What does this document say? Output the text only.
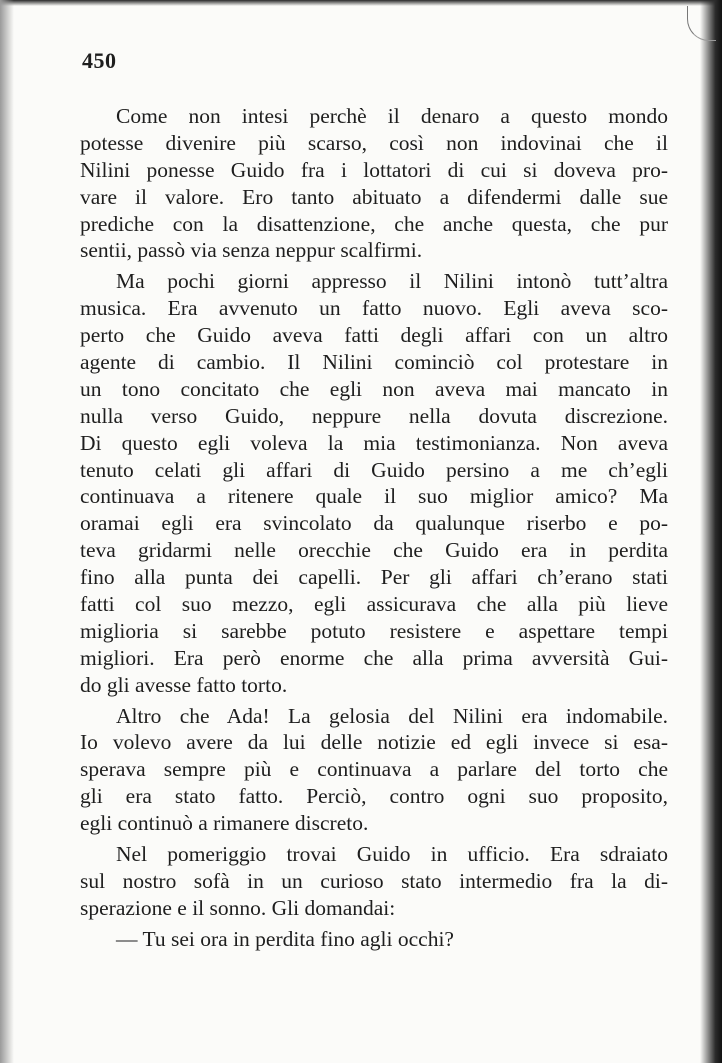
450
Come non intesi perchè il denaro a questo mondo
potesse divenire più scarso, così non indovinai che il
Nilini ponesse Guido fra i lottatori di cui si doveva pro-
vare il valore. Ero tanto abituato a difendermi dalle sue
prediche con la disattenzione, che anche questa, che pur
sentii, passò via senza neppur scalfirmi.
Ma pochi giorni appresso il Nilini intonò tutt’altra
musica. Era avvenuto un fatto nuovo. Egli aveva sco-
perto che Guido aveva fatti degli affari con un altro
agente di cambio. Il Nilini cominciò col protestare in
un tono concitato che egli non aveva mai mancato in
nulla verso Guido, neppure nella dovuta discrezione.
Di questo egli voleva la mia testimonianza. Non aveva
tenuto celati gli affari di Guido persino a me ch’egli
continuava a ritenere quale il suo miglior amico? Ma
oramai egli era svincolato da qualunque riserbo e po-
teva gridarmi nelle orecchie che Guido era in perdita
fino alla punta dei capelli. Per gli affari ch’erano stati
fatti col suo mezzo, egli assicurava che alla più lieve
miglioria si sarebbe potuto resistere e aspettare tempi
migliori. Era però enorme che alla prima avversità Gui-
do gli avesse fatto torto.
Altro che Ada! La gelosia del Nilini era indomabile.
Io volevo avere da lui delle notizie ed egli invece si esa-
sperava sempre più e continuava a parlare del torto che
gli era stato fatto. Perciò, contro ogni suo proposito,
egli continuò a rimanere discreto.
Nel pomeriggio trovai Guido in ufficio. Era sdraiato
sul nostro sofà in un curioso stato intermedio fra la di-
sperazione e il sonno. Gli domandai:
— Tu sei ora in perdita fino agli occhi?
